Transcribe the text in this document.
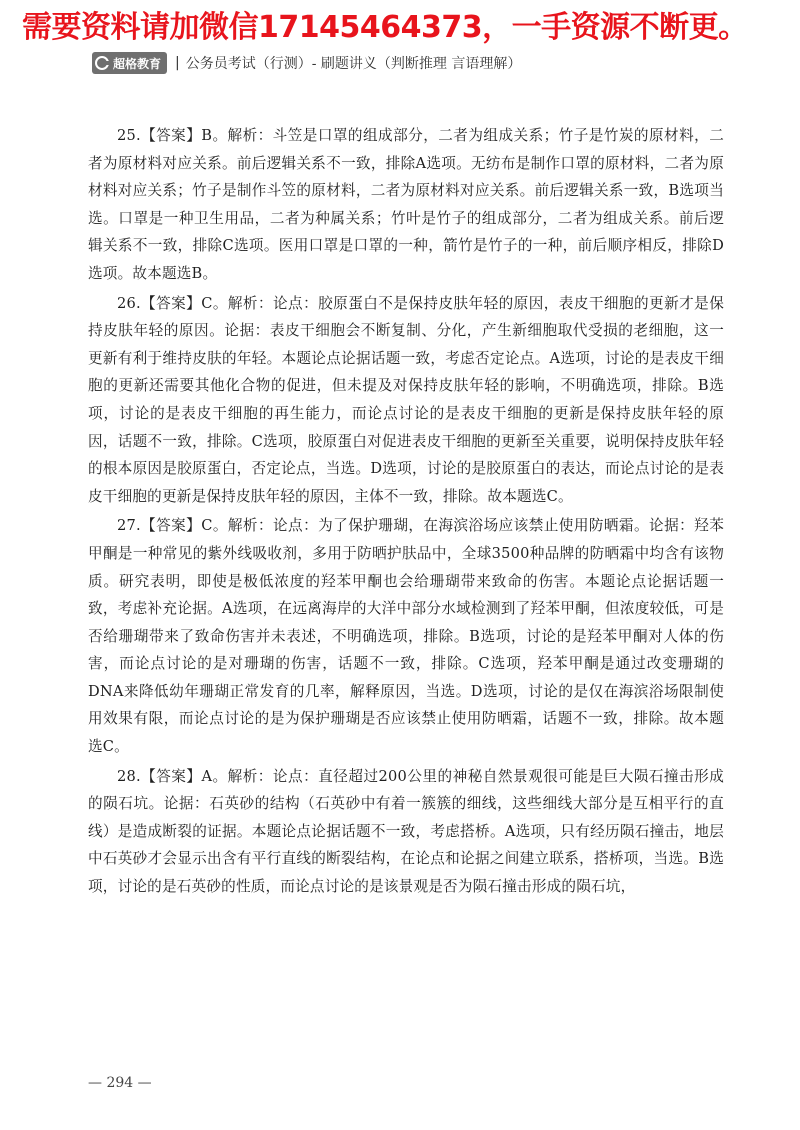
需要资料请加微信17145464373，一手资源不断更。
超格教育 | 公务员考试（行测）- 刷题讲义（判断推理 言语理解）

25.【答案】B。解析：斗笠是口罩的组成部分，二者为组成关系；竹子是竹炭的原材料，二者为原材料对应关系。前后逻辑关系不一致，排除A选项。无纺布是制作口罩的原材料，二者为原材料对应关系；竹子是制作斗笠的原材料，二者为原材料对应关系。前后逻辑关系一致，B选项当选。口罩是一种卫生用品，二者为种属关系；竹叶是竹子的组成部分，二者为组成关系。前后逻辑关系不一致，排除C选项。医用口罩是口罩的一种，箭竹是竹子的一种，前后顺序相反，排除D选项。故本题选B。

26.【答案】C。解析：论点：胶原蛋白不是保持皮肤年轻的原因，表皮干细胞的更新才是保持皮肤年轻的原因。论据：表皮干细胞会不断复制、分化，产生新细胞取代受损的老细胞，这一更新有利于维持皮肤的年轻。本题论点论据话题一致，考虑否定论点。A选项，讨论的是表皮干细胞的更新还需要其他化合物的促进，但未提及对保持皮肤年轻的影响，不明确选项，排除。B选项，讨论的是表皮干细胞的再生能力，而论点讨论的是表皮干细胞的更新是保持皮肤年轻的原因，话题不一致，排除。C选项，胶原蛋白对促进表皮干细胞的更新至关重要，说明保持皮肤年轻的根本原因是胶原蛋白，否定论点，当选。D选项，讨论的是胶原蛋白的表达，而论点讨论的是表皮干细胞的更新是保持皮肤年轻的原因，主体不一致，排除。故本题选C。

27.【答案】C。解析：论点：为了保护珊瑚，在海滨浴场应该禁止使用防晒霜。论据：羟苯甲酮是一种常见的紫外线吸收剂，多用于防晒护肤品中，全球3500种品牌的防晒霜中均含有该物质。研究表明，即使是极低浓度的羟苯甲酮也会给珊瑚带来致命的伤害。本题论点论据话题一致，考虑补充论据。A选项，在远离海岸的大洋中部分水域检测到了羟苯甲酮，但浓度较低，可是否给珊瑚带来了致命伤害并未表述，不明确选项，排除。B选项，讨论的是羟苯甲酮对人体的伤害，而论点讨论的是对珊瑚的伤害，话题不一致，排除。C选项，羟苯甲酮是通过改变珊瑚的DNA来降低幼年珊瑚正常发育的几率，解释原因，当选。D选项，讨论的是仅在海滨浴场限制使用效果有限，而论点讨论的是为保护珊瑚是否应该禁止使用防晒霜，话题不一致，排除。故本题选C。

28.【答案】A。解析：论点：直径超过200公里的神秘自然景观很可能是巨大陨石撞击形成的陨石坑。论据：石英砂的结构（石英砂中有着一簇簇的细线，这些细线大部分是互相平行的直线）是造成断裂的证据。本题论点论据话题不一致，考虑搭桥。A选项，只有经历陨石撞击，地层中石英砂才会显示出含有平行直线的断裂结构，在论点和论据之间建立联系，搭桥项，当选。B选项，讨论的是石英砂的性质，而论点讨论的是该景观是否为陨石撞击形成的陨石坑，

— 294 —
